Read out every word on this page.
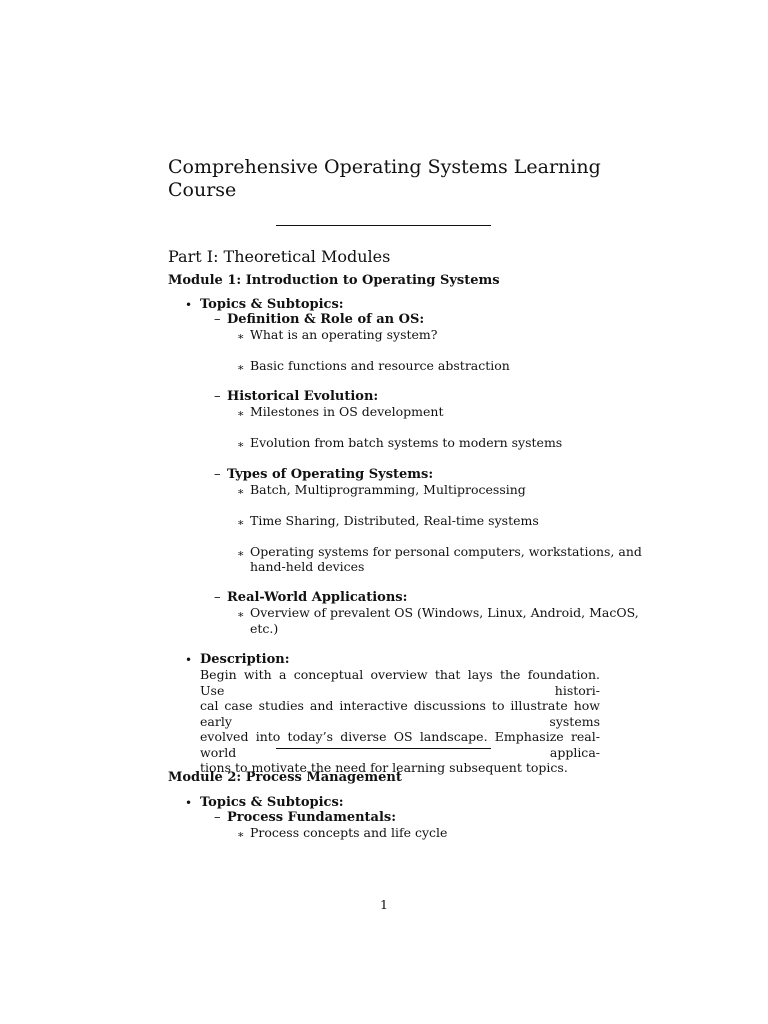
Comprehensive Operating Systems Learning
Course
Part I: Theoretical Modules
Module 1: Introduction to Operating Systems
• Topics & Subtopics:
– Definition & Role of an OS:
∗ What is an operating system?
∗ Basic functions and resource abstraction
– Historical Evolution:
∗ Milestones in OS development
∗ Evolution from batch systems to modern systems
– Types of Operating Systems:
∗ Batch, Multiprogramming, Multiprocessing
∗ Time Sharing, Distributed, Real-time systems
∗ Operating systems for personal computers, workstations, and
hand-held devices
– Real-World Applications:
∗ Overview of prevalent OS (Windows, Linux, Android, MacOS,
etc.)
• Description:
Begin with a conceptual overview that lays the foundation. Use histori-
cal case studies and interactive discussions to illustrate how early systems
evolved into today’s diverse OS landscape. Emphasize real-world applica-
tions to motivate the need for learning subsequent topics.
Module 2: Process Management
• Topics & Subtopics:
– Process Fundamentals:
∗ Process concepts and life cycle
1
